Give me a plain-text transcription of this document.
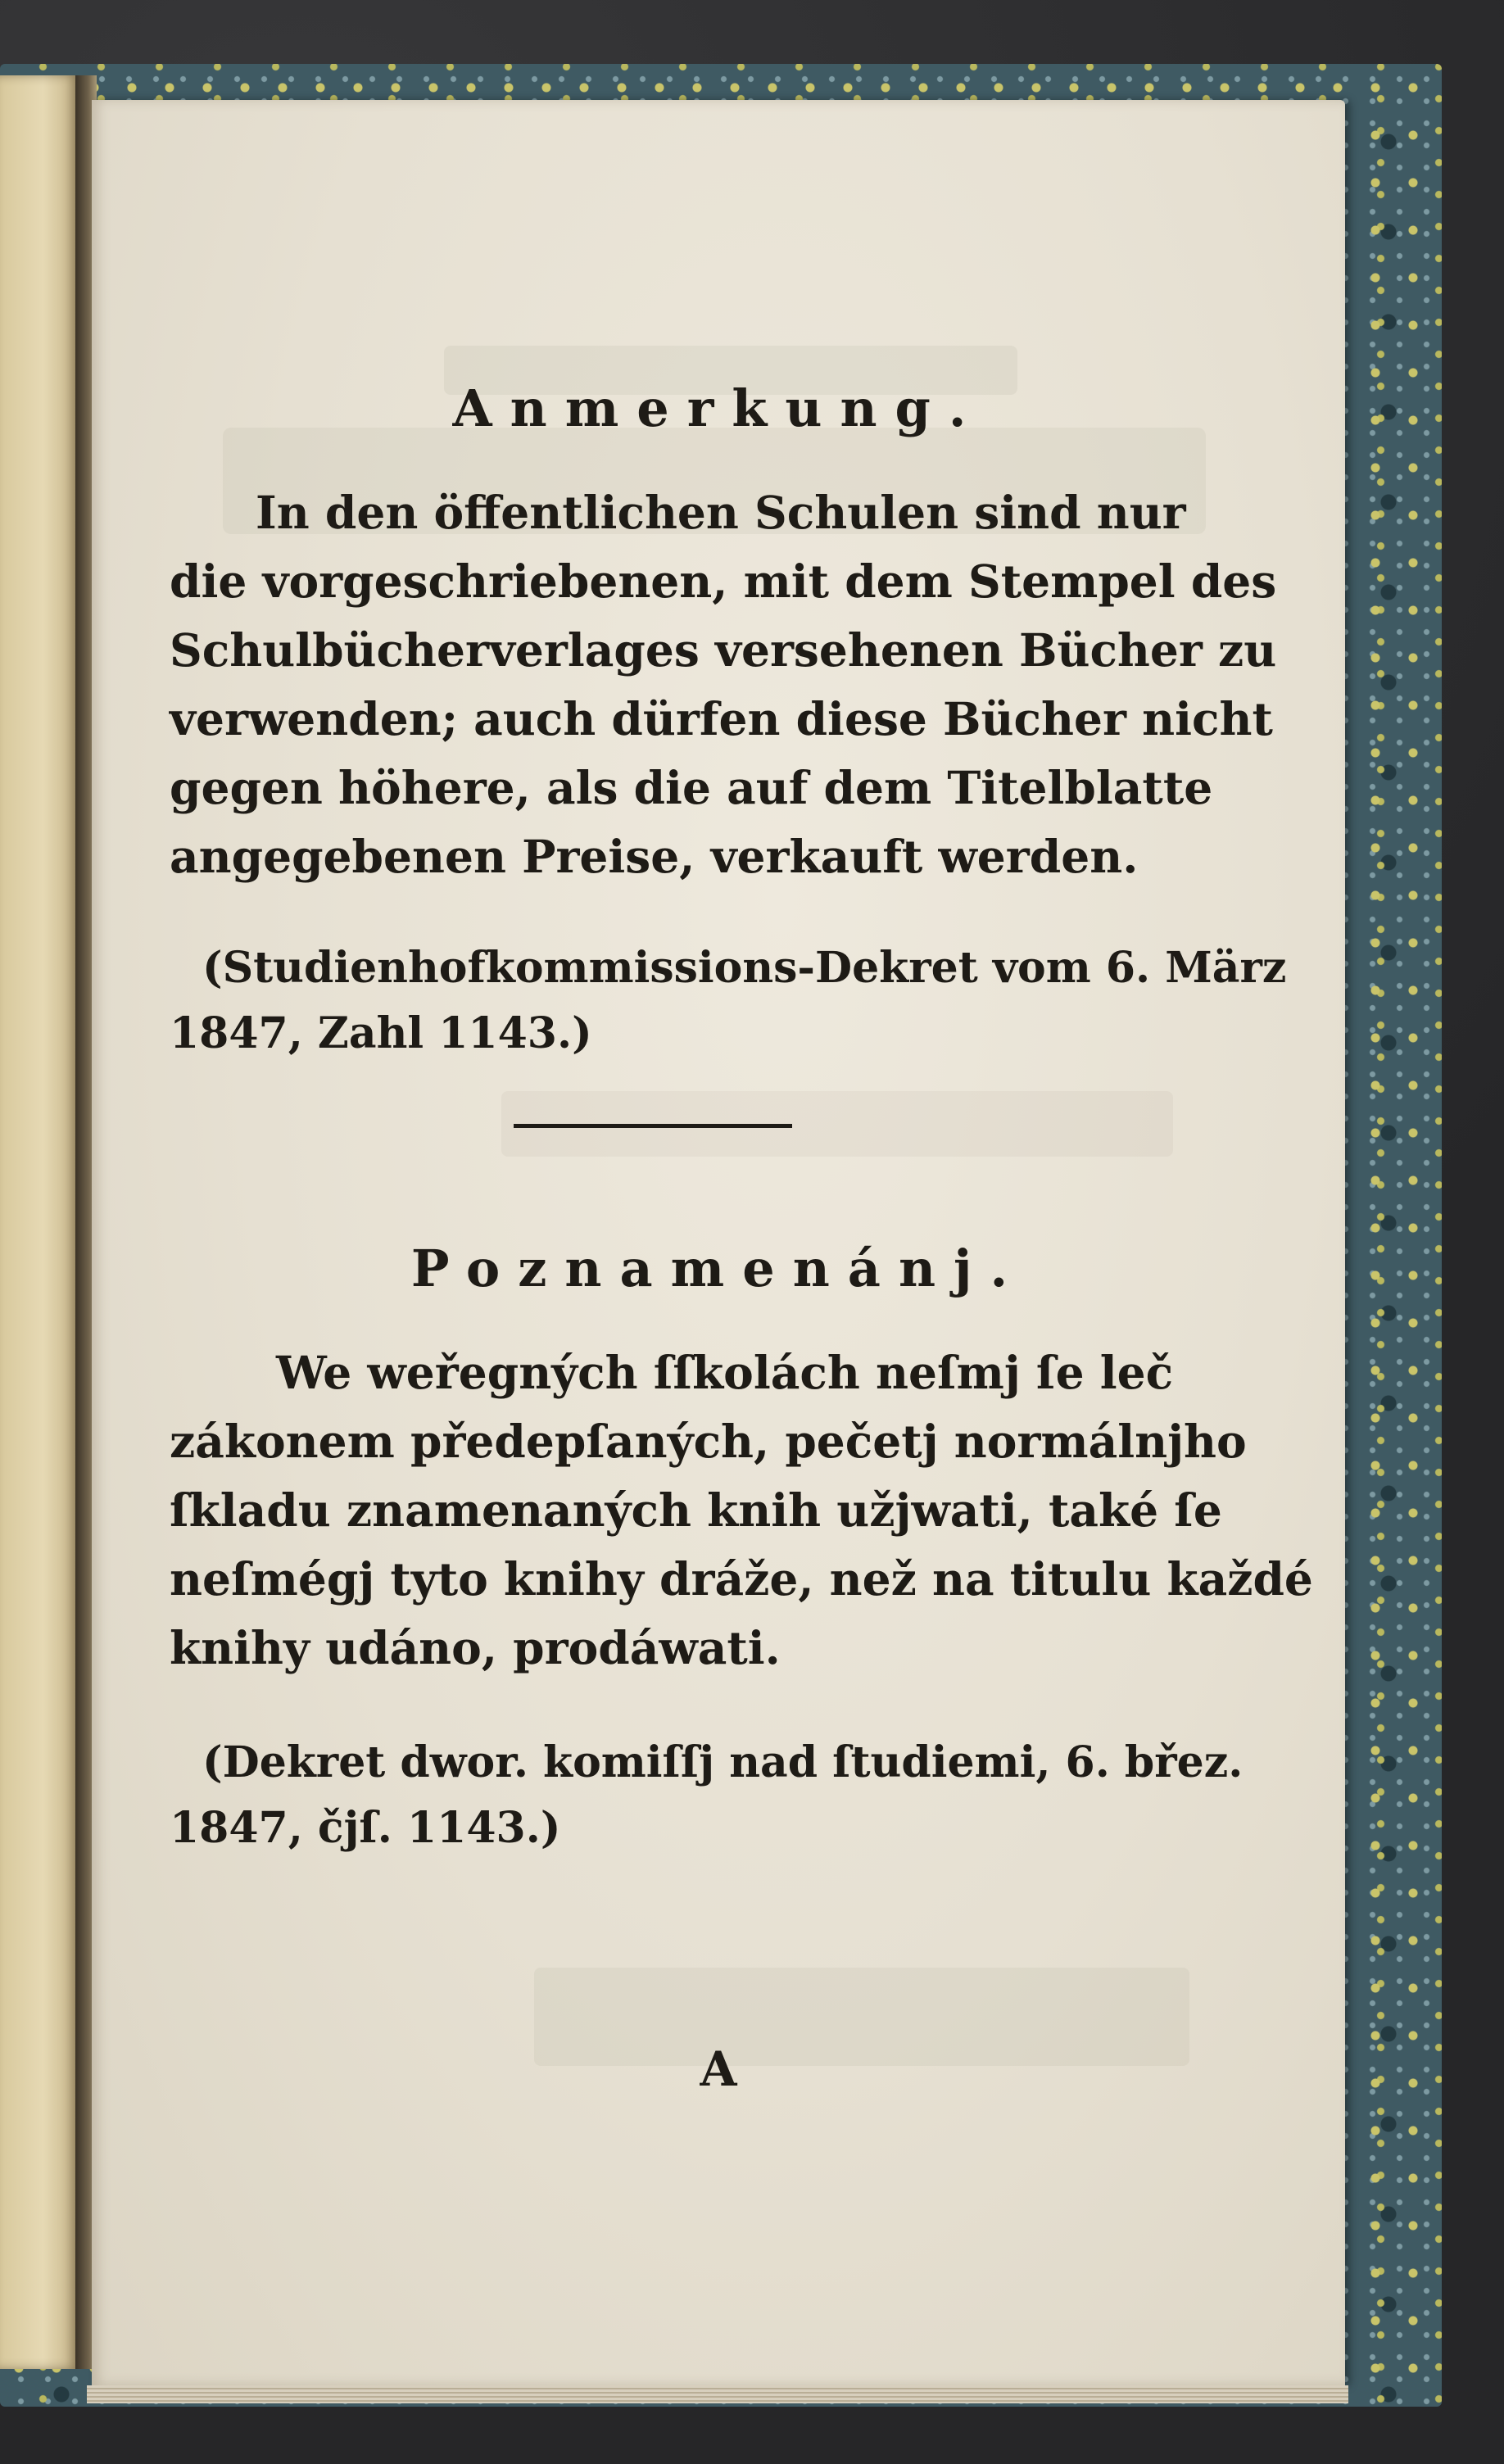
Anmerkung.
In den öffentlichen Schulen sind nur
die vorgeschriebenen, mit dem Stempel des
Schulbücherverlages versehenen Bücher zu
verwenden; auch dürfen diese Bücher nicht
gegen höhere, als die auf dem Titelblatte
angegebenen Preise, verkauft werden.
(Studienhofkommissions-Dekret vom 6. März
1847, Zahl 1143.)
Poznamenánj.
We weřegných ſſkolách neſmj ſe leč
zákonem předepſaných, pečetj normálnjho
ſkladu znamenaných knih užjwati, také ſe
neſmégj tyto knihy dráže, než na titulu každé
knihy udáno, prodáwati.
(Dekret dwor. komiſſj nad ſtudiemi, 6. břez.
1847, čjſ. 1143.)
A
